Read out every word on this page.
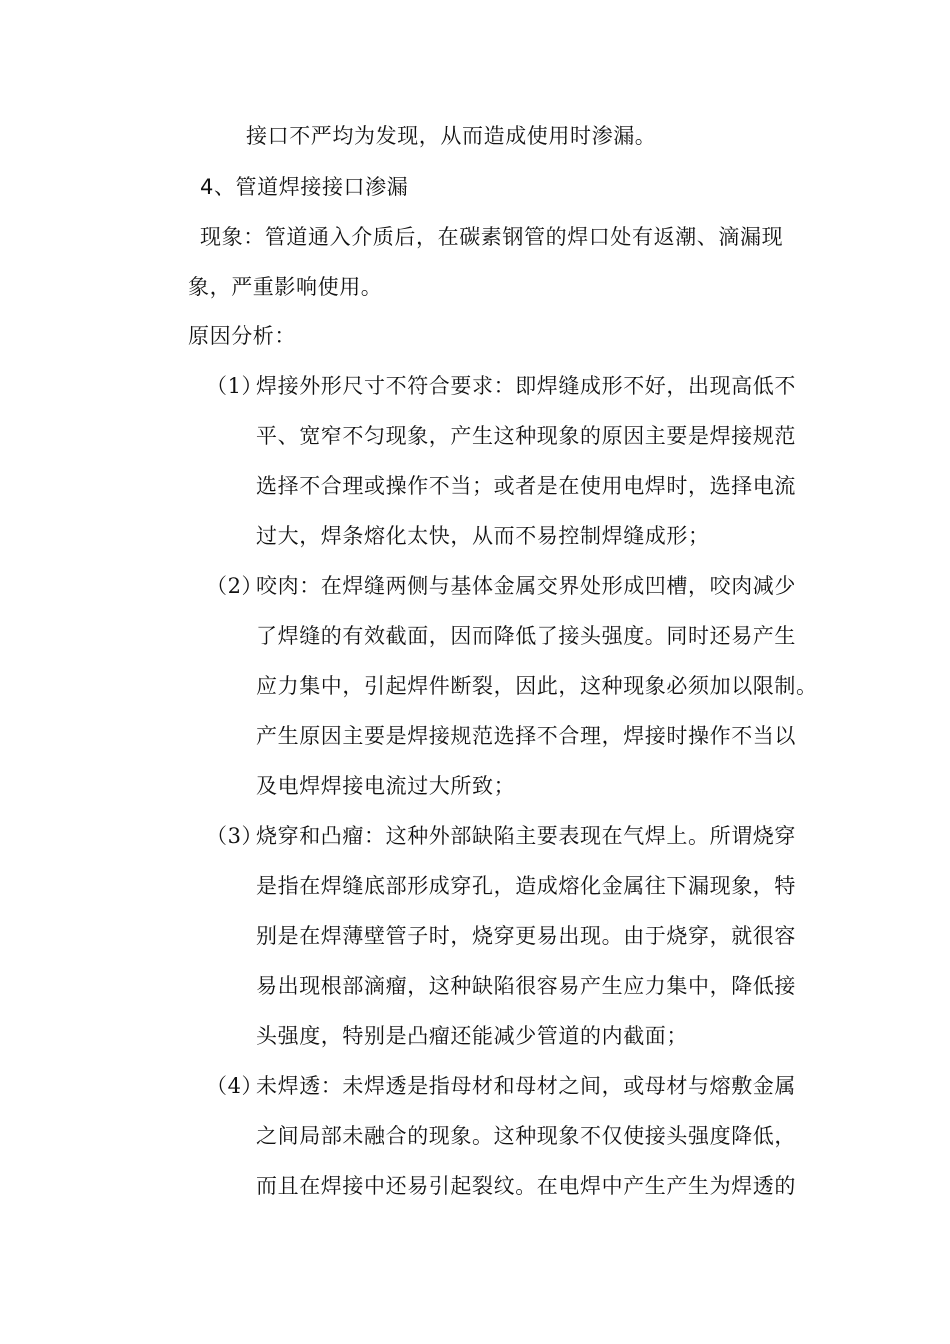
接口不严均为发现，从而造成使用时渗漏。
4、管道焊接接口渗漏
现象：管道通入介质后，在碳素钢管的焊口处有返潮、滴漏现
象，严重影响使用。
原因分析：
（1）
焊接外形尺寸不符合要求：即焊缝成形不好，出现高低不
平、宽窄不匀现象，产生这种现象的原因主要是焊接规范
选择不合理或操作不当；或者是在使用电焊时，选择电流
过大，焊条熔化太快，从而不易控制焊缝成形；
（2）
咬肉：在焊缝两侧与基体金属交界处形成凹槽，咬肉减少
了焊缝的有效截面，因而降低了接头强度。同时还易产生
应力集中，引起焊件断裂，因此，这种现象必须加以限制。
产生原因主要是焊接规范选择不合理，焊接时操作不当以
及电焊焊接电流过大所致；
（3）
烧穿和凸瘤：这种外部缺陷主要表现在气焊上。所谓烧穿
是指在焊缝底部形成穿孔，造成熔化金属往下漏现象，特
别是在焊薄壁管子时，烧穿更易出现。由于烧穿，就很容
易出现根部滴瘤，这种缺陷很容易产生应力集中，降低接
头强度，特别是凸瘤还能减少管道的内截面；
（4）
未焊透：未焊透是指母材和母材之间，或母材与熔敷金属
之间局部未融合的现象。这种现象不仅使接头强度降低，
而且在焊接中还易引起裂纹。在电焊中产生产生为焊透的
